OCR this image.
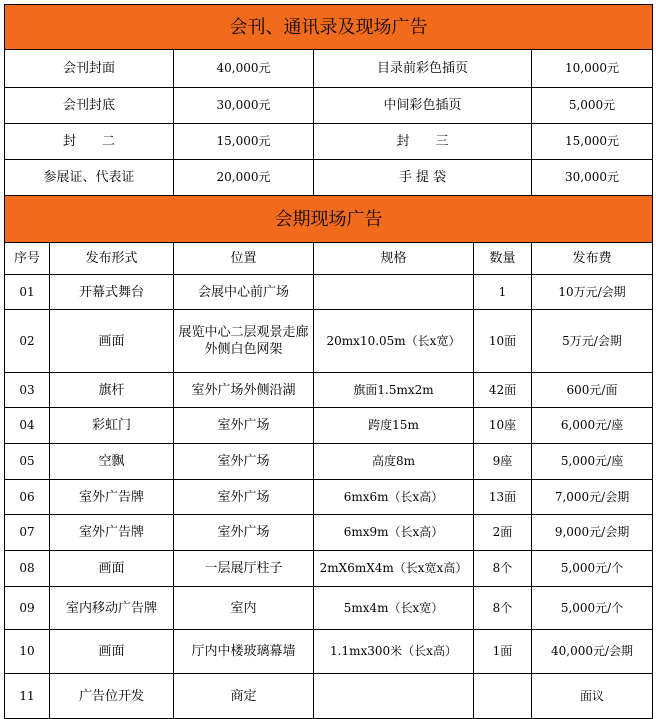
会刊、通讯录及现场广告					
会刊封面		40,000元	目录前彩色插页		10,000元
会刊封底		30,000元	中间彩色插页		5,000元
封　　二		15,000元	封　　三		15,000元
参展证、代表证		20,000元	手 提 袋		30,000元
会期现场广告					
序号	发布形式	位置	规格	数量	发布费
01	开幕式舞台	会展中心前广场		1	10万元/会期
02	画面	展览中心二层观景走廊外侧白色网架	20mx10.05m（长x宽）	10面	5万元/会期
03	旗杆	室外广场外侧沿湖	旗面1.5mx2m	42面	600元/面
04	彩虹门	室外广场	跨度15m	10座	6,000元/座
05	空飘	室外广场	高度8m	9座	5,000元/座
06	室外广告牌	室外广场	6mx6m（长x高）	13面	7,000元/会期
07	室外广告牌	室外广场	6mx9m（长x高）	2面	9,000元/会期
08	画面	一层展厅柱子	2mX6mX4m（长x宽x高）	8个	5,000元/个
09	室内移动广告牌	室内	5mx4m（长x宽）	8个	5,000元/个
10	画面	厅内中楼玻璃幕墙	1.1mx300米（长x高）	1面	40,000元/会期
11	广告位开发	商定			面议
